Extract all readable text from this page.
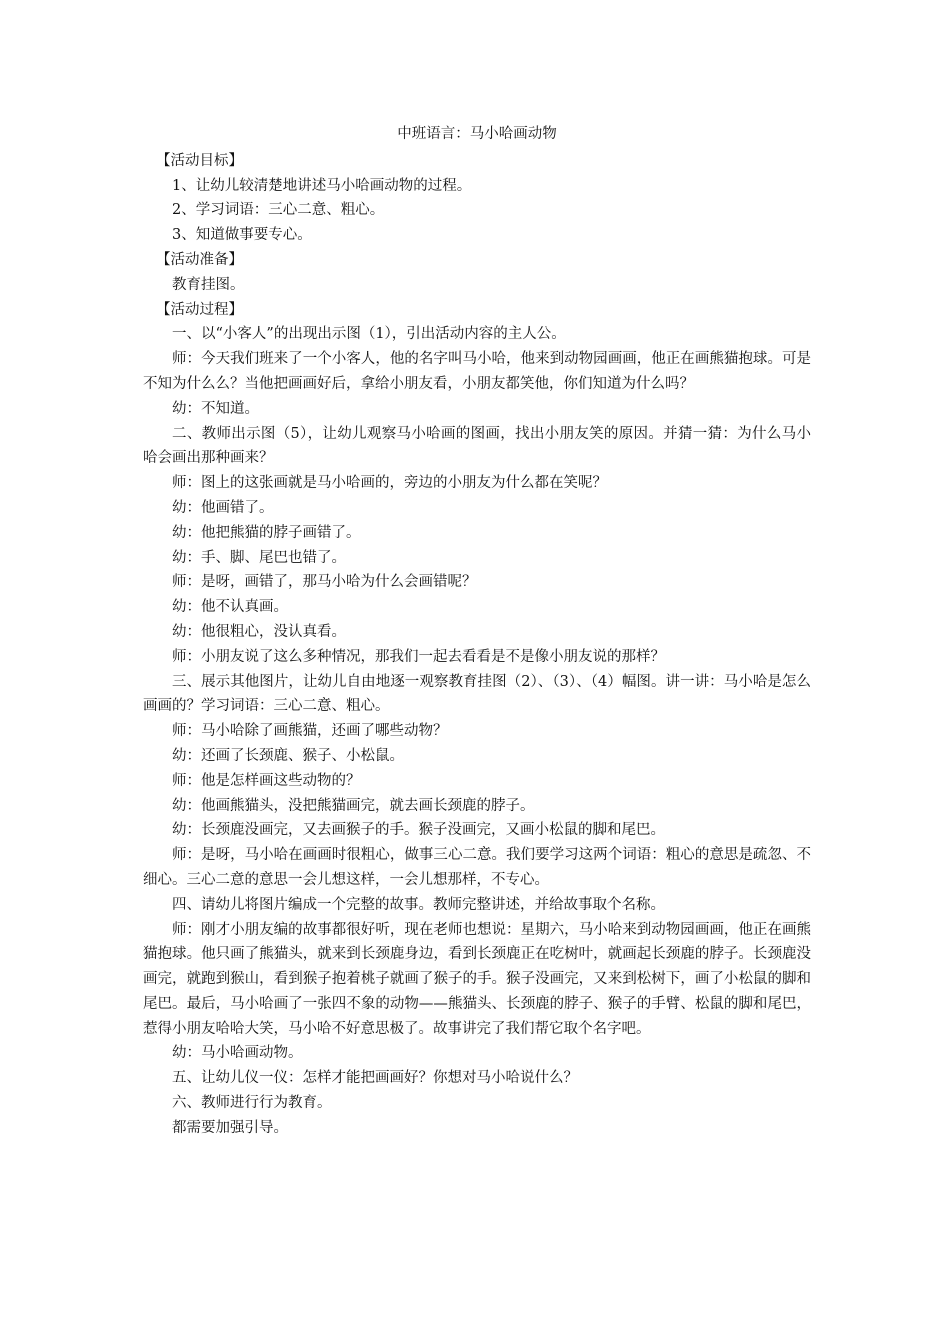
中班语言：马小哈画动物

【活动目标】

1、让幼儿较清楚地讲述马小哈画动物的过程。

2、学习词语：三心二意、粗心。

3、知道做事要专心。

【活动准备】

教育挂图。

【活动过程】

一、以“小客人”的出现出示图（1），引出活动内容的主人公。

师：今天我们班来了一个小客人，他的名字叫马小哈，他来到动物园画画，他正在画熊猫抱球。可是不知为什么么？当他把画画好后，拿给小朋友看，小朋友都笑他，你们知道为什么吗？

幼：不知道。

二、教师出示图（5），让幼儿观察马小哈画的图画，找出小朋友笑的原因。并猜一猜：为什么马小哈会画出那种画来？

师：图上的这张画就是马小哈画的，旁边的小朋友为什么都在笑呢？

幼：他画错了。

幼：他把熊猫的脖子画错了。

幼：手、脚、尾巴也错了。

师：是呀，画错了，那马小哈为什么会画错呢？

幼：他不认真画。

幼：他很粗心，没认真看。

师：小朋友说了这么多种情况，那我们一起去看看是不是像小朋友说的那样？

三、展示其他图片，让幼儿自由地逐一观察教育挂图（2）、（3）、（4）幅图。讲一讲：马小哈是怎么画画的？学习词语：三心二意、粗心。

师：马小哈除了画熊猫，还画了哪些动物？

幼：还画了长颈鹿、猴子、小松鼠。

师：他是怎样画这些动物的？

幼：他画熊猫头，没把熊猫画完，就去画长颈鹿的脖子。

幼：长颈鹿没画完，又去画猴子的手。猴子没画完，又画小松鼠的脚和尾巴。

师：是呀，马小哈在画画时很粗心，做事三心二意。我们要学习这两个词语：粗心的意思是疏忽、不细心。三心二意的意思一会儿想这样，一会儿想那样，不专心。

四、请幼儿将图片编成一个完整的故事。教师完整讲述，并给故事取个名称。

师：刚才小朋友编的故事都很好听，现在老师也想说：星期六，马小哈来到动物园画画，他正在画熊猫抱球。他只画了熊猫头，就来到长颈鹿身边，看到长颈鹿正在吃树叶，就画起长颈鹿的脖子。长颈鹿没画完，就跑到猴山，看到猴子抱着桃子就画了猴子的手。猴子没画完，又来到松树下，画了小松鼠的脚和尾巴。最后，马小哈画了一张四不象的动物——熊猫头、长颈鹿的脖子、猴子的手臂、松鼠的脚和尾巴，惹得小朋友哈哈大笑，马小哈不好意思极了。故事讲完了我们帮它取个名字吧。

幼：马小哈画动物。

五、让幼儿仪一仪：怎样才能把画画好？你想对马小哈说什么？

六、教师进行行为教育。

都需要加强引导。
